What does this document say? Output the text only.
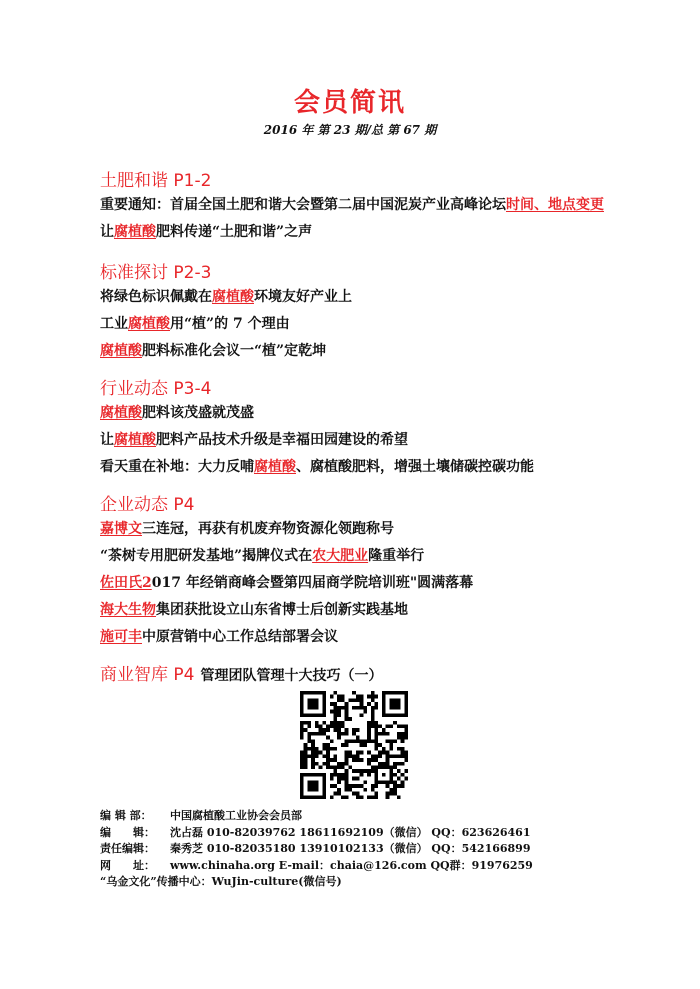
会员简讯
2016 年 第 23 期/总 第 67 期
土肥和谐 P1-2
重要通知：首届全国土肥和谐大会暨第二届中国泥炭产业高峰论坛时间、地点变更
让腐植酸肥料传递“土肥和谐”之声
标准探讨 P2-3
将绿色标识佩戴在腐植酸环境友好产业上
工业腐植酸用“植”的 7 个理由
腐植酸肥料标准化会议一“植”定乾坤
行业动态 P3-4
腐植酸肥料该茂盛就茂盛
让腐植酸肥料产品技术升级是幸福田园建设的希望
看天重在补地：大力反哺腐植酸、腐植酸肥料，增强土壤储碳控碳功能
企业动态 P4
嘉博文三连冠，再获有机废弃物资源化领跑称号
“茶树专用肥研发基地”揭牌仪式在农大肥业隆重举行
佐田氏2017 年经销商峰会暨第四届商学院培训班"圆满落幕
海大生物集团获批设立山东省博士后创新实践基地
施可丰中原营销中心工作总结部署会议
商业智库 P4 管理团队管理十大技巧（一）
编 辑 部：	中国腐植酸工业协会会员部
编　　辑：	沈占磊 010-82039762 18611692109（微信） QQ：623626461
责任编辑：	秦秀芝 010-82035180 13910102133（微信） QQ：542166899
网　　址：	www.chinaha.org E-mail：chaia@126.com QQ群：91976259
“乌金文化”传播中心：WuJin-culture(微信号)
